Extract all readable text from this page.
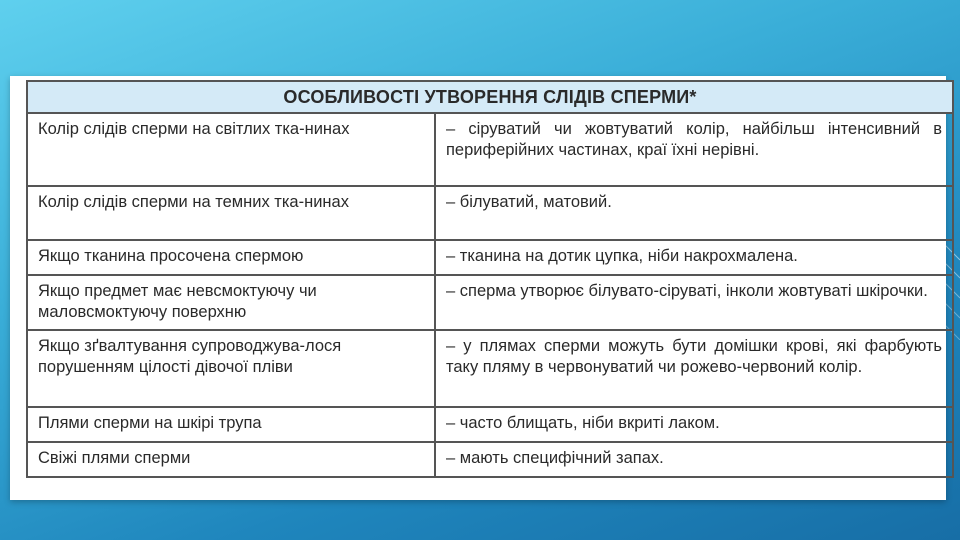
ОСОБЛИВОСТІ УТВОРЕННЯ СЛІДІВ СПЕРМИ*	
Колір слідів сперми на світлих тка-нинах	– сіруватий чи жовтуватий колір, найбільш інтенсивний в периферійних частинах, краї їхні нерівні.
Колір слідів сперми на темних тка-нинах	– білуватий, матовий.
Якщо тканина просочена спермою	– тканина на дотик цупка, ніби накрохмалена.
Якщо предмет має невсмоктуючу чи маловсмоктуючу поверхню	– сперма утворює білувато-сіруваті, інколи жовтуваті шкірочки.
Якщо зґвалтування супроводжува-лося порушенням цілості дівочої пліви	– у плямах сперми можуть бути домішки крові, які фарбують таку пляму в червонуватий чи рожево-червоний колір.
Плями сперми на шкірі трупа	– часто блищать, ніби вкриті лаком.
Свіжі плями сперми	– мають специфічний запах.
